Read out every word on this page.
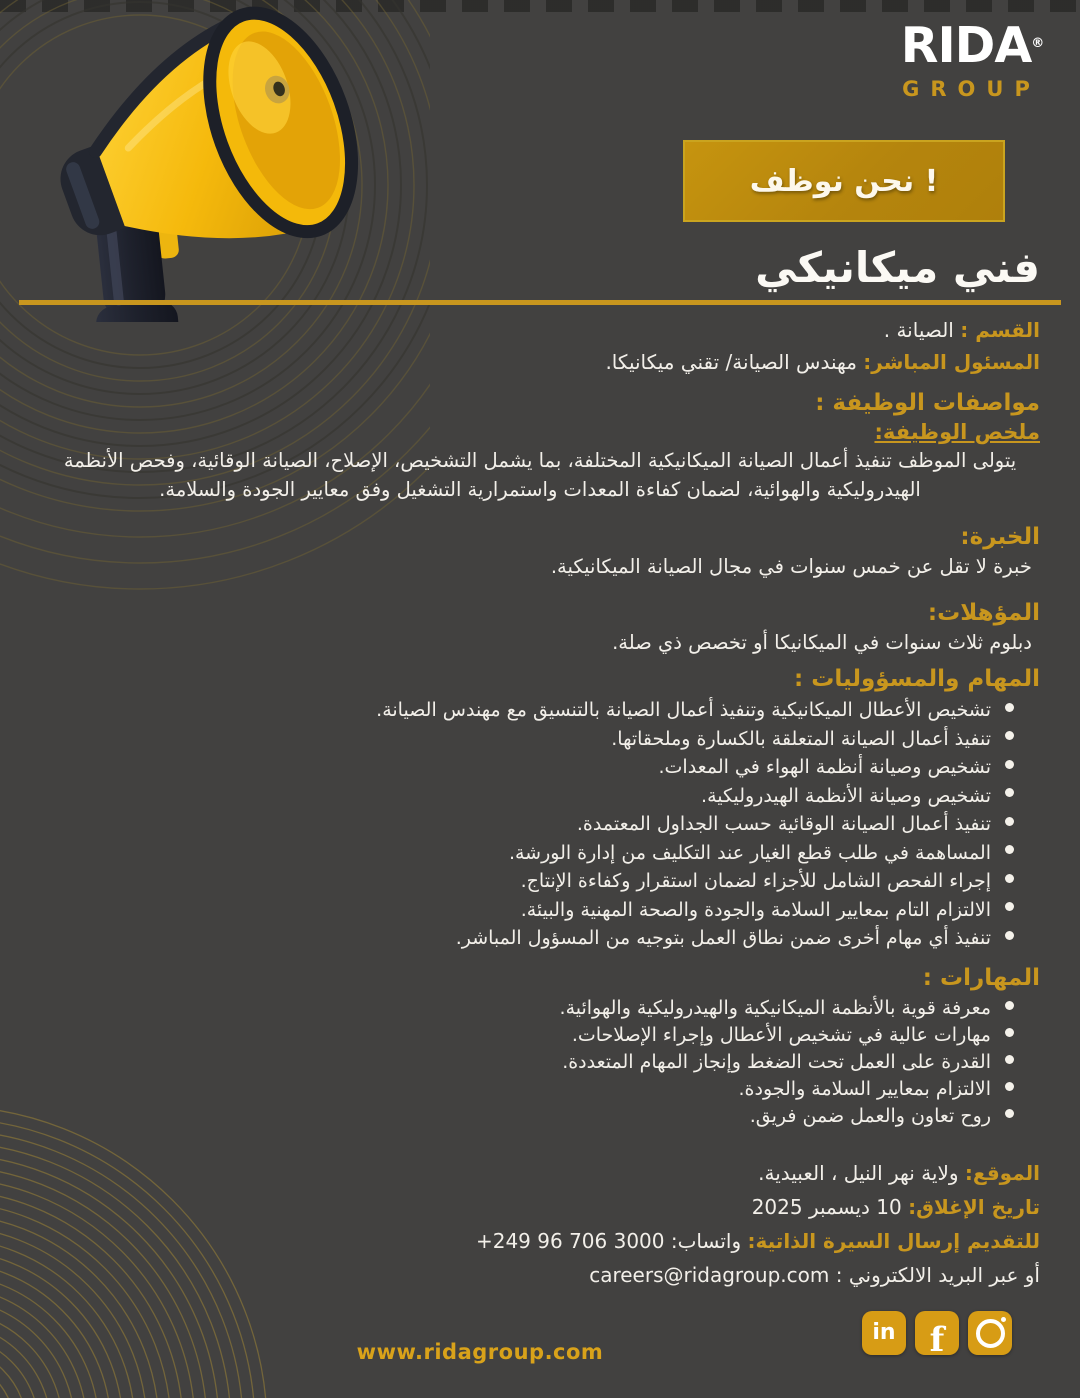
RIDA ®
GROUP
نحن نوظف !
فني ميكانيكي
القسم : الصيانة .
المسئول المباشر: مهندس الصيانة/ تقني ميكانيكا.
مواصفات الوظيفة :
ملخص الوظيفة:

يتولى الموظف تنفيذ أعمال الصيانة الميكانيكية المختلفة، بما يشمل التشخيص، الإصلاح، الصيانة الوقائية، وفحص الأنظمة الهيدروليكية والهوائية، لضمان كفاءة المعدات واستمرارية التشغيل وفق معايير الجودة والسلامة.

الخبرة:
خبرة لا تقل عن خمس سنوات في مجال الصيانة الميكانيكية.
المؤهلات:
دبلوم ثلاث سنوات في الميكانيكا أو تخصص ذي صلة.
المهام والمسؤوليات :
تشخيص الأعطال الميكانيكية وتنفيذ أعمال الصيانة بالتنسيق مع مهندس الصيانة.
تنفيذ أعمال الصيانة المتعلقة بالكسارة وملحقاتها.
تشخيص وصيانة أنظمة الهواء في المعدات.
تشخيص وصيانة الأنظمة الهيدروليكية.
تنفيذ أعمال الصيانة الوقائية حسب الجداول المعتمدة.
المساهمة في طلب قطع الغيار عند التكليف من إدارة الورشة.
إجراء الفحص الشامل للأجزاء لضمان استقرار وكفاءة الإنتاج.
الالتزام التام بمعايير السلامة والجودة والصحة المهنية والبيئة.
تنفيذ أي مهام أخرى ضمن نطاق العمل بتوجيه من المسؤول المباشر.
المهارات :
معرفة قوية بالأنظمة الميكانيكية والهيدروليكية والهوائية.
مهارات عالية في تشخيص الأعطال وإجراء الإصلاحات.
القدرة على العمل تحت الضغط وإنجاز المهام المتعددة.
الالتزام بمعايير السلامة والجودة.
روح تعاون والعمل ضمن فريق.
الموقع: ولاية نهر النيل ، العبيدية.
تاريخ الإغلاق: 10 ديسمبر 2025
للتقديم إرسال السيرة الذاتية: واتساب: +249 96 706 3000
أو عبر البريد الالكتروني : careers@ridagroup.com
www.ridagroup.com
in f
